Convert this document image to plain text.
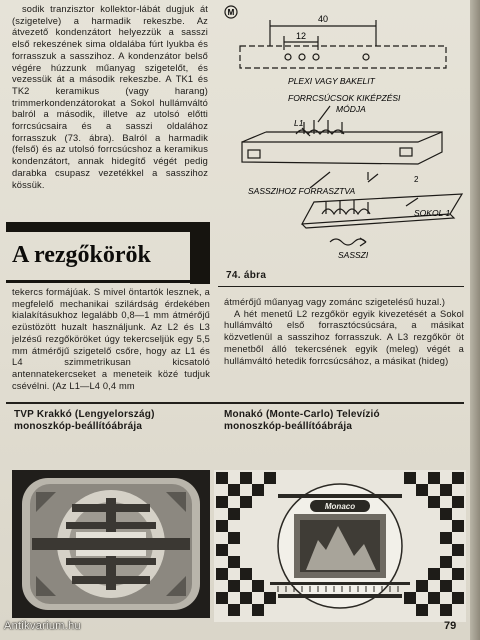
sodik tranzisztor kollektor-lábát dugjuk át (szigetelve) a harmadik rekeszbe. Az átvezető kondenzátort helyezzük a sasszi első rekeszének sima oldalába fúrt lyukba és forrasszuk a sasszihoz. A kondenzátor belső végére húzzunk műanyag szigetelőt, és vezessük át a második rekeszbe. A TK1 és TK2 keramikus (vagy harang) trimmerkondenzátorokat a Sokol hullámváltó balról a második, illetve az utolsó előtti forrcsúcsaira és a sasszi oldalához forrasszuk (73. ábra). Balról a harmadik (felső) és az utolsó forrcsúcshoz a keramikus kondenzátort, annak hidegítő végét pedig darabka csupasz vezetékkel a sasszihoz kössük.

A rezgőkörök

tekercs formájúak. S mivel öntartók lesznek, a megfelelő mechanikai szilárdság érdekében kialakításukhoz legalább 0,8—1 mm átmérőjű ezüstözött huzalt használjunk. Az L2 és L3 jelzésű rezgőköröket úgy tekercseljük egy 5,5 mm átmérőjű szigetelő csőre, hogy az L1 és L4 szimmetrikusan kicsatoló antennatekercseket a meneteik közé tudjuk csévélni. (Az L1—L4 0,4 mm

átmérőjű műanyag vagy zománc szigetelésű huzal.)

A hét menetű L2 rezgőkör egyik kivezetését a Sokol hullámváltó első forrasztócsúcsára, a másikat közvetlenül a sasszihoz forrasszuk. A L3 rezgőkör öt menetből álló tekercsének egyik (meleg) végét a hullámváltó hetedik forrcsúcsához, a másikat (hideg)

M
40
12
PLEXI VAGY BAKELIT
FORRCSÚCSOK KIKÉPZÉSI
MÓDJA
L1
SASSZIHOZ FORRASZTVA
2
SOKOL 1
SASSZI
74. ábra
TVP Krakkó (Lengyelország)
monoszkóp-beállítóábrája
Monakó (Monte-Carlo) Televízió
monoszkóp-beállítóábrája
Monaco
79
Antikvarium.hu
